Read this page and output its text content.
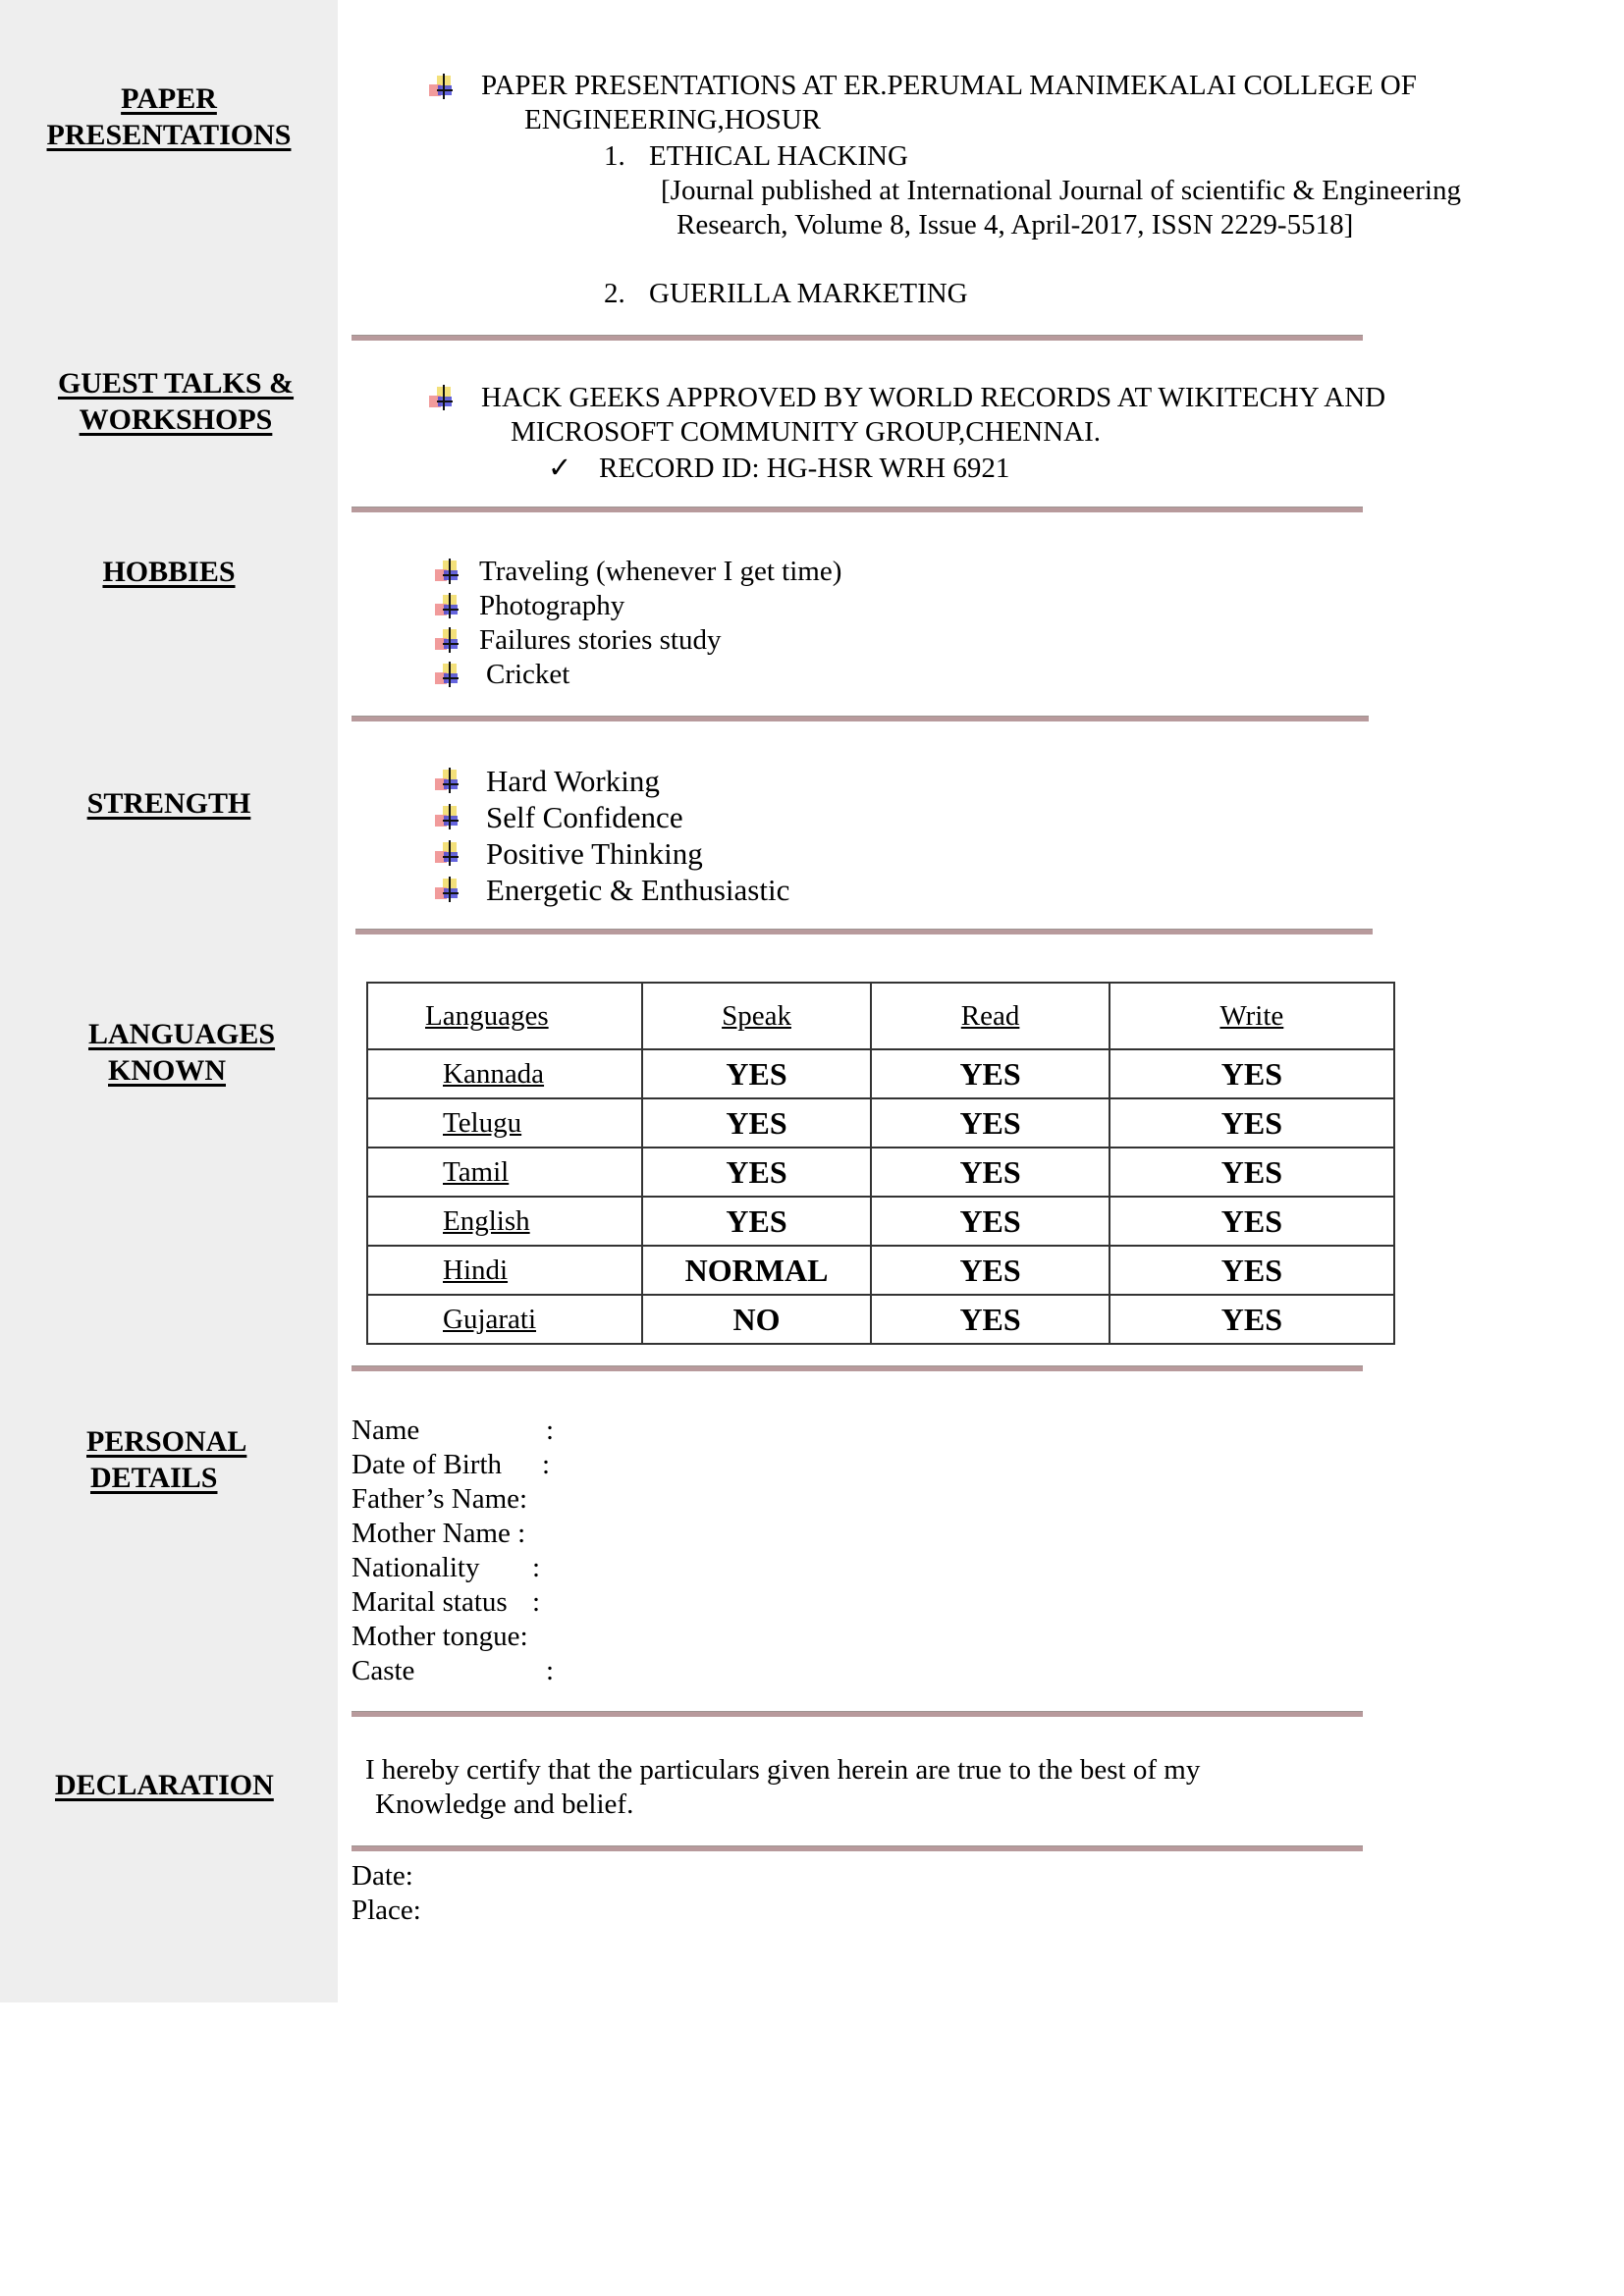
PAPER
PRESENTATIONS
PAPER PRESENTATIONS AT ER.PERUMAL MANIMEKALAI COLLEGE OF
ENGINEERING,HOSUR
1. ETHICAL HACKING
[Journal published at International Journal of scientific & Engineering
Research, Volume 8, Issue 4, April-2017, ISSN 2229-5518]
2. GUERILLA MARKETING
GUEST TALKS &
WORKSHOPS
HACK GEEKS APPROVED BY WORLD RECORDS AT WIKITECHY AND
MICROSOFT COMMUNITY GROUP,CHENNAI.
✓ RECORD ID: HG-HSR WRH 6921
HOBBIES	Traveling (whenever I get time)
Photography
Failures stories study
Cricket
STRENGTH
Hard Working
Self Confidence
Positive Thinking
Energetic & Enthusiastic
LANGUAGES
KNOWN
Languages	Speak	Read	Write
Kannada	YES	YES	YES
Telugu	YES	YES	YES
Tamil	YES	YES	YES
English	YES	YES	YES
Hindi	NORMAL	YES	YES
Gujarati	NO	YES	YES
PERSONAL
DETAILS
Name	:
Date of Birth :
Father’s Name:
Mother Name :
Nationality :
Marital status :
Mother tongue:
Caste	:
DECLARATION	I hereby certify that the particulars given herein are true to the best of my
Knowledge and belief.
Date:
Place:
